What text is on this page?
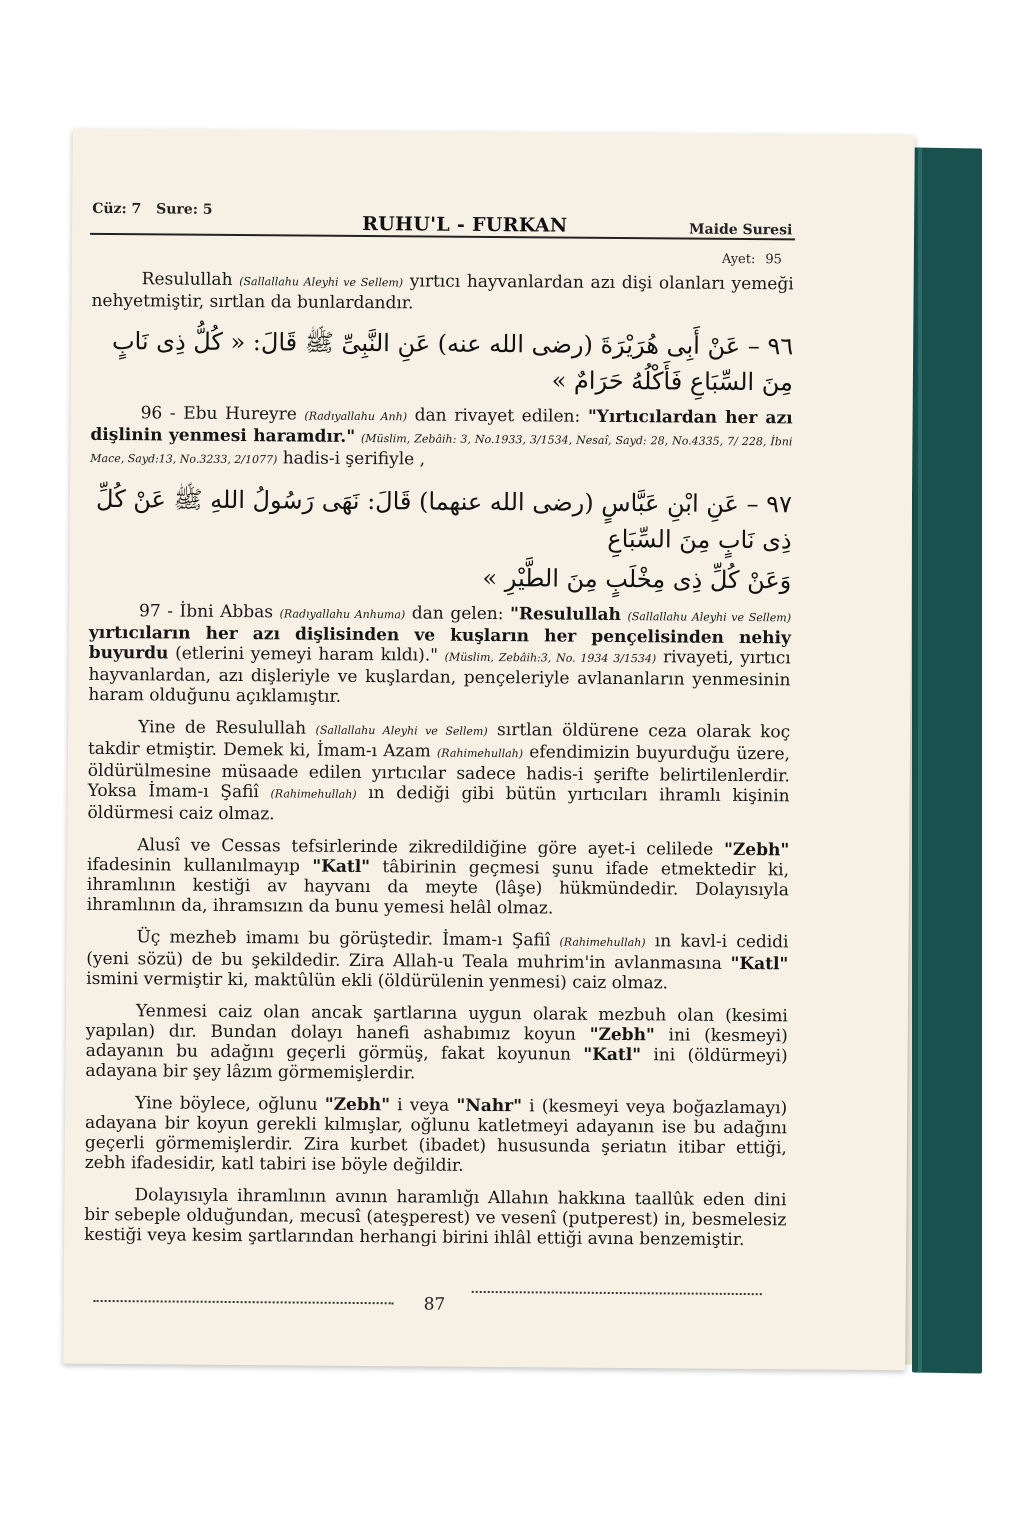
Cüz: 7 Sure: 5
RUHU'L - FURKAN	Maide Suresi
Ayet: 95

Resulullah (Sallallahu Aleyhi ve Sellem) yırtıcı hayvanlardan azı dişi olanları yemeği nehyetmiştir, sırtlan da bunlardandır.

٩٦ – عَنْ أَبِى هُرَيْرَةَ (رضى الله عنه) عَنِ النَّبِىِّ ﷺ قَالَ: « كُلُّ ذِى نَابٍ مِنَ السِّبَاعِ فَأَكْلُهُ حَرَامٌ »

96 - Ebu Hureyre (Radıyallahu Anh) dan rivayet edilen: "Yırtıcılardan her azı dişlinin yenmesi haramdır." (Müslim, Zebâih: 3, No.1933, 3/1534, Nesaî, Sayd: 28, No.4335, 7/ 228, İbni Mace, Sayd:13, No.3233, 2/1077) hadis-i şerifiyle ,

٩٧ – عَنِ ابْنِ عَبَّاسٍ (رضى الله عنهما) قَالَ: نَهَى رَسُولُ اللهِ ﷺ عَنْ كُلِّ ذِى نَابٍ مِنَ السِّبَاعِ
وَعَنْ كُلِّ ذِى مِخْلَبٍ مِنَ الطَّيْرِ »

97 - İbni Abbas (Radıyallahu Anhuma) dan gelen: "Resulullah (Sallallahu Aleyhi ve Sellem) yırtıcıların her azı dişlisinden ve kuşların her pençelisinden nehiy buyurdu (etlerini yemeyi haram kıldı)." (Müslim, Zebâih:3, No. 1934 3/1534) rivayeti, yırtıcı hayvanlardan, azı dişleriyle ve kuşlardan, pençeleriyle avlananların yenmesinin haram olduğunu açıklamıştır.

Yine de Resulullah (Sallallahu Aleyhi ve Sellem) sırtlan öldürene ceza olarak koç takdir etmiştir. Demek ki, İmam-ı Azam (Rahimehullah) efendimizin buyurduğu üzere, öldürülmesine müsaade edilen yırtıcılar sadece hadis-i şerifte belirtilenlerdir. Yoksa İmam-ı Şafiî (Rahimehullah) ın dediği gibi bütün yırtıcıları ihramlı kişinin öldürmesi caiz olmaz.

Alusî ve Cessas tefsirlerinde zikredildiğine göre ayet-i celilede "Zebh" ifadesinin kullanılmayıp "Katl" tâbirinin geçmesi şunu ifade etmektedir ki, ihramlının kestiği av hayvanı da meyte (lâşe) hükmündedir. Dolayısıyla ihramlının da, ihramsızın da bunu yemesi helâl olmaz.

Üç mezheb imamı bu görüştedir. İmam-ı Şafiî (Rahimehullah) ın kavl-i cedidi (yeni sözü) de bu şekildedir. Zira Allah-u Teala muhrim'in avlanmasına "Katl" ismini vermiştir ki, maktûlün ekli (öldürülenin yenmesi) caiz olmaz.

Yenmesi caiz olan ancak şartlarına uygun olarak mezbuh olan (kesimi yapılan) dır. Bundan dolayı hanefi ashabımız koyun "Zebh" ini (kesmeyi) adayanın bu adağını geçerli görmüş, fakat koyunun "Katl" ini (öldürmeyi) adayana bir şey lâzım görmemişlerdir.

Yine böylece, oğlunu "Zebh" i veya "Nahr" i (kesmeyi veya boğazlamayı) adayana bir koyun gerekli kılmışlar, oğlunu katletmeyi adayanın ise bu adağını geçerli görmemişlerdir. Zira kurbet (ibadet) hususunda şeriatın itibar ettiği, zebh ifadesidir, katl tabiri ise böyle değildir.

Dolayısıyla ihramlının avının haramlığı Allahın hakkına taallûk eden dini bir sebeple olduğundan, mecusî (ateşperest) ve vesenî (putperest) in, besmelesiz kestiği veya kesim şartlarından herhangi birini ihlâl ettiği avına benzemiştir.

87
